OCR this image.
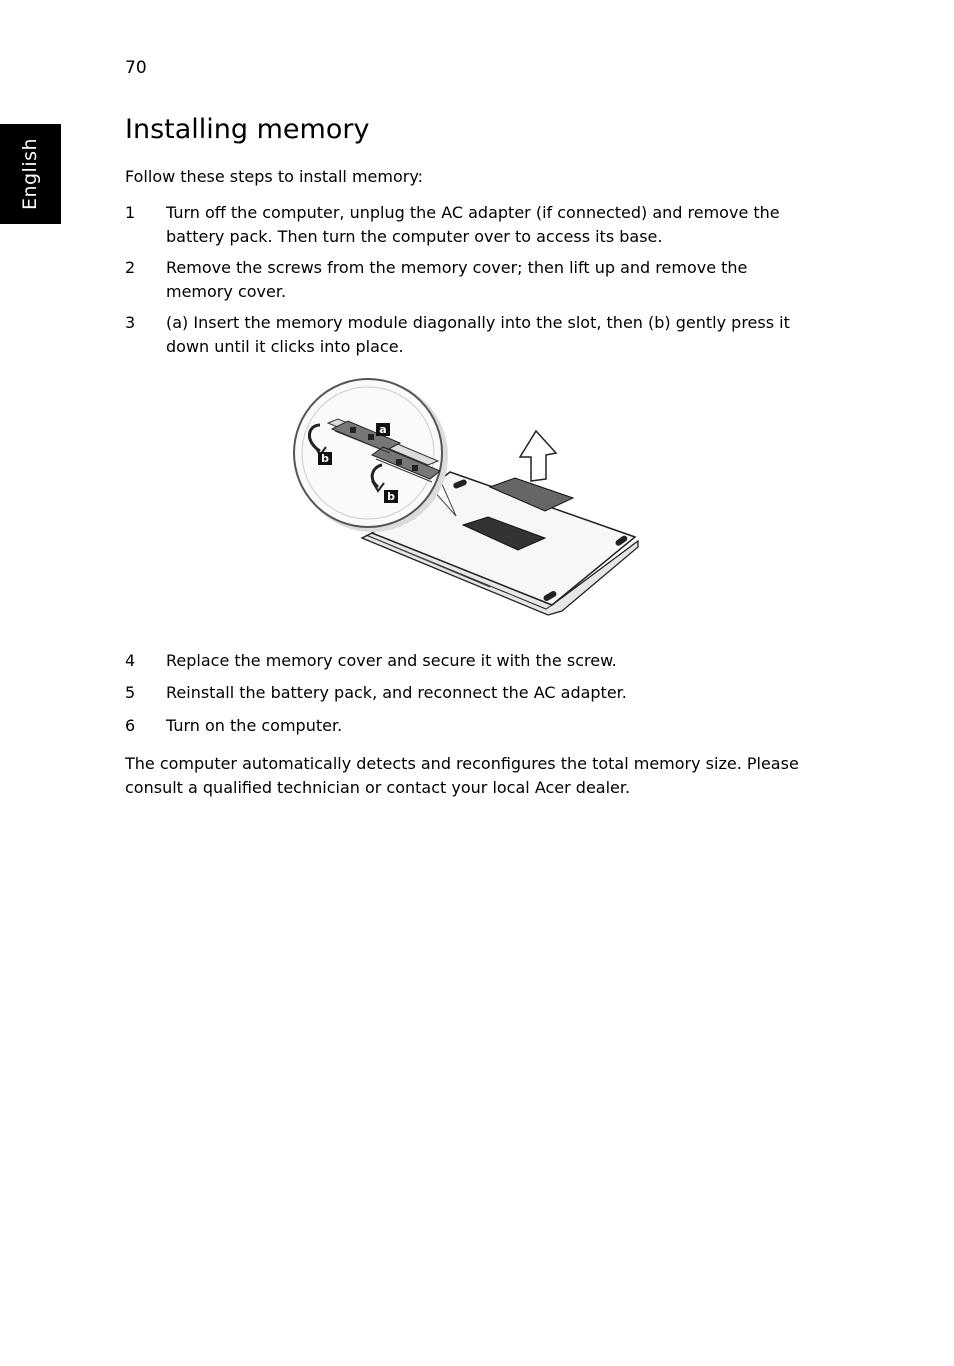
70
English
Installing memory
Follow these steps to install memory:
1 Turn off the computer, unplug the AC adapter (if connected) and remove the battery pack. Then turn the computer over to access its base.
2 Remove the screws from the memory cover; then lift up and remove the memory cover.
3 (a) Insert the memory module diagonally into the slot, then (b) gently press it down until it clicks into place.
a
b
b
4 Replace the memory cover and secure it with the screw.
5 Reinstall the battery pack, and reconnect the AC adapter.
6 Turn on the computer.
The computer automatically detects and reconfigures the total memory size. Please consult a qualified technician or contact your local Acer dealer.
